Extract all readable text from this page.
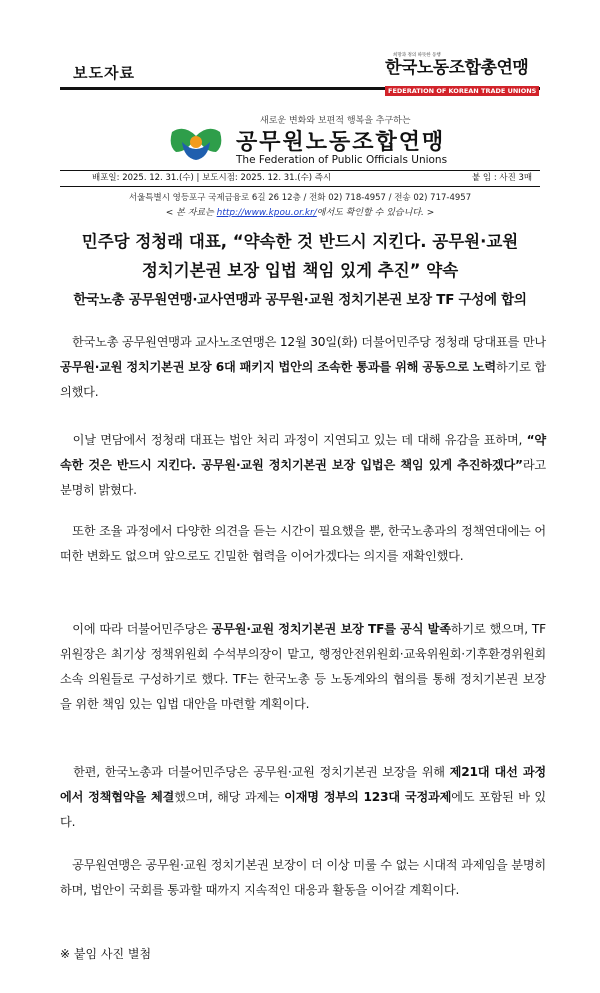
보도자료
희망과 정의 따뜻한 동행
한국노동조합총연맹
FEDERATION OF KOREAN TRADE UNIONS
새로운 변화와 보편적 행복을 추구하는
공무원노동조합연맹
The Federation of Public Officials Unions
배포일: 2025. 12. 31.(수) | 보도시점: 2025. 12. 31.(수) 즉시	붙 임 : 사진 3매
서울특별시 영등포구 국제금융로 6길 26 12층 / 전화 02) 718-4957 / 전송 02) 717-4957
< 본 자료는 http://www.kpou.or.kr/에서도 확인할 수 있습니다. >
민주당 정청래 대표, “약속한 것 반드시 지킨다. 공무원·교원
정치기본권 보장 입법 책임 있게 추진” 약속
한국노총 공무원연맹·교사연맹과 공무원·교원 정치기본권 보장 TF 구성에 합의
　한국노총 공무원연맹과 교사노조연맹은 12월 30일(화) 더불어민주당 정청래 당대표를 만나 공무원·교원 정치기본권 보장 6대 패키지 법안의 조속한 통과를 위해 공동으로 노력하기로 합의했다.
　이날 면담에서 정청래 대표는 법안 처리 과정이 지연되고 있는 데 대해 유감을 표하며, “약속한 것은 반드시 지킨다. 공무원·교원 정치기본권 보장 입법은 책임 있게 추진하겠다”라고 분명히 밝혔다.
　또한 조율 과정에서 다양한 의견을 듣는 시간이 필요했을 뿐, 한국노총과의 정책연대에는 어떠한 변화도 없으며 앞으로도 긴밀한 협력을 이어가겠다는 의지를 재확인했다.
　이에 따라 더불어민주당은 공무원·교원 정치기본권 보장 TF를 공식 발족하기로 했으며, TF 위원장은 최기상 정책위원회 수석부의장이 맡고, 행정안전위원회·교육위원회·기후환경위원회 소속 의원들로 구성하기로 했다. TF는 한국노총 등 노동계와의 협의를 통해 정치기본권 보장을 위한 책임 있는 입법 대안을 마련할 계획이다.
　한편, 한국노총과 더불어민주당은 공무원·교원 정치기본권 보장을 위해 제21대 대선 과정에서 정책협약을 체결했으며, 해당 과제는 이재명 정부의 123대 국정과제에도 포함된 바 있다.
　공무원연맹은 공무원·교원 정치기본권 보장이 더 이상 미룰 수 없는 시대적 과제임을 분명히 하며, 법안이 국회를 통과할 때까지 지속적인 대응과 활동을 이어갈 계획이다.
※ 붙임 사진 별첨
